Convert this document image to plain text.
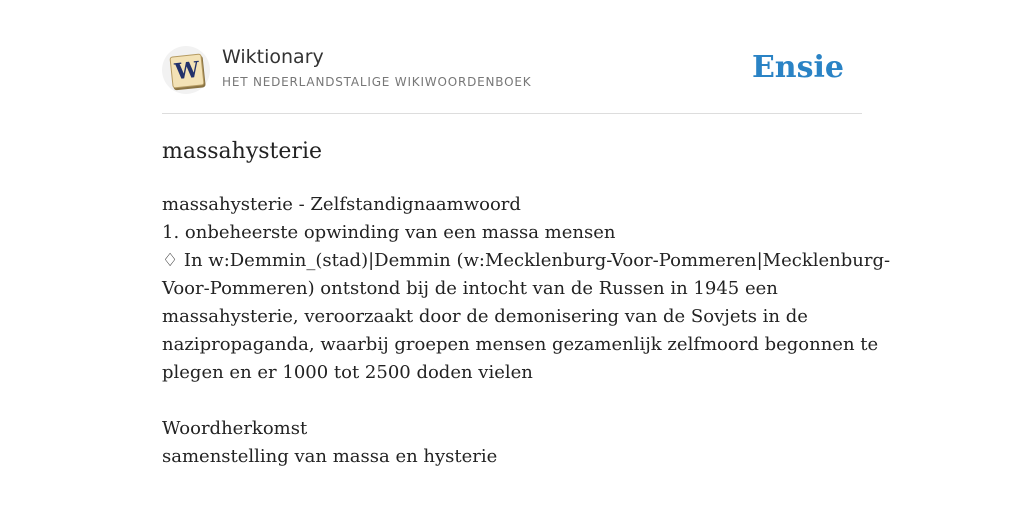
W Wiktionary
HET NEDERLANDSTALIGE WIKIWOORDENBOEK	Ensie
massahysterie
massahysterie - Zelfstandignaamwoord
1. onbeheerste opwinding van een massa mensen
♢ In w:Demmin_(stad)|Demmin (w:Mecklenburg-Voor-Pommeren|Mecklenburg-
Voor-Pommeren) ontstond bij de intocht van de Russen in 1945 een
massahysterie, veroorzaakt door de demonisering van de Sovjets in de
nazipropaganda, waarbij groepen mensen gezamenlijk zelfmoord begonnen te
plegen en er 1000 tot 2500 doden vielen
Woordherkomst
samenstelling van massa en hysterie
